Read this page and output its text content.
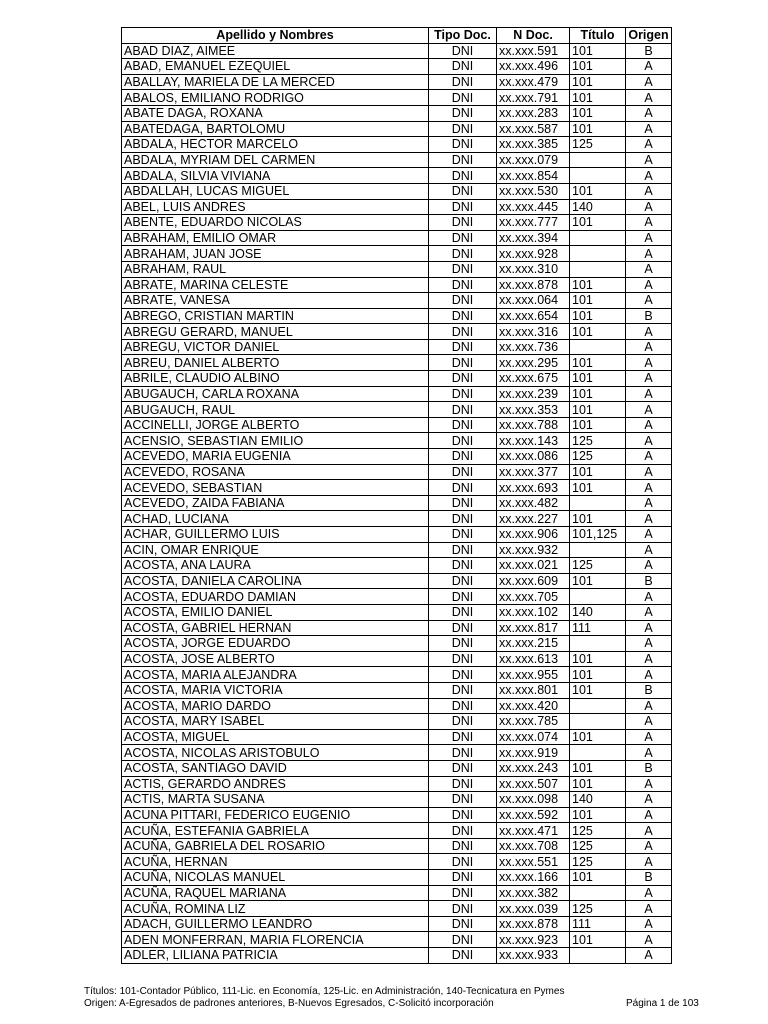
Apellido y Nombres	Tipo Doc.	N Doc.	Título	Origen
ABAD DIAZ, AIMEE	DNI	xx.xxx.591	101	B
ABAD, EMANUEL EZEQUIEL	DNI	xx.xxx.496	101	A
ABALLAY, MARIELA DE LA MERCED	DNI	xx.xxx.479	101	A
ABALOS, EMILIANO RODRIGO	DNI	xx.xxx.791	101	A
ABATE DAGA, ROXANA	DNI	xx.xxx.283	101	A
ABATEDAGA, BARTOLOMU	DNI	xx.xxx.587	101	A
ABDALA, HECTOR MARCELO	DNI	xx.xxx.385	125	A
ABDALA, MYRIAM DEL CARMEN	DNI	xx.xxx.079		A
ABDALA, SILVIA VIVIANA	DNI	xx.xxx.854		A
ABDALLAH, LUCAS MIGUEL	DNI	xx.xxx.530	101	A
ABEL, LUIS ANDRES	DNI	xx.xxx.445	140	A
ABENTE, EDUARDO NICOLAS	DNI	xx.xxx.777	101	A
ABRAHAM, EMILIO OMAR	DNI	xx.xxx.394		A
ABRAHAM, JUAN JOSE	DNI	xx.xxx.928		A
ABRAHAM, RAUL	DNI	xx.xxx.310		A
ABRATE, MARINA CELESTE	DNI	xx.xxx.878	101	A
ABRATE, VANESA	DNI	xx.xxx.064	101	A
ABREGO, CRISTIAN MARTIN	DNI	xx.xxx.654	101	B
ABREGU GERARD, MANUEL	DNI	xx.xxx.316	101	A
ABREGU, VICTOR DANIEL	DNI	xx.xxx.736		A
ABREU, DANIEL ALBERTO	DNI	xx.xxx.295	101	A
ABRILE, CLAUDIO ALBINO	DNI	xx.xxx.675	101	A
ABUGAUCH, CARLA ROXANA	DNI	xx.xxx.239	101	A
ABUGAUCH, RAUL	DNI	xx.xxx.353	101	A
ACCINELLI, JORGE ALBERTO	DNI	xx.xxx.788	101	A
ACENSIO, SEBASTIAN EMILIO	DNI	xx.xxx.143	125	A
ACEVEDO, MARIA EUGENIA	DNI	xx.xxx.086	125	A
ACEVEDO, ROSANA	DNI	xx.xxx.377	101	A
ACEVEDO, SEBASTIAN	DNI	xx.xxx.693	101	A
ACEVEDO, ZAIDA FABIANA	DNI	xx.xxx.482		A
ACHAD, LUCIANA	DNI	xx.xxx.227	101	A
ACHAR, GUILLERMO LUIS	DNI	xx.xxx.906	101,125	A
ACIN, OMAR ENRIQUE	DNI	xx.xxx.932		A
ACOSTA, ANA LAURA	DNI	xx.xxx.021	125	A
ACOSTA, DANIELA CAROLINA	DNI	xx.xxx.609	101	B
ACOSTA, EDUARDO DAMIAN	DNI	xx.xxx.705		A
ACOSTA, EMILIO DANIEL	DNI	xx.xxx.102	140	A
ACOSTA, GABRIEL HERNAN	DNI	xx.xxx.817	111	A
ACOSTA, JORGE EDUARDO	DNI	xx.xxx.215		A
ACOSTA, JOSE ALBERTO	DNI	xx.xxx.613	101	A
ACOSTA, MARIA ALEJANDRA	DNI	xx.xxx.955	101	A
ACOSTA, MARIA VICTORIA	DNI	xx.xxx.801	101	B
ACOSTA, MARIO DARDO	DNI	xx.xxx.420		A
ACOSTA, MARY ISABEL	DNI	xx.xxx.785		A
ACOSTA, MIGUEL	DNI	xx.xxx.074	101	A
ACOSTA, NICOLAS ARISTOBULO	DNI	xx.xxx.919		A
ACOSTA, SANTIAGO DAVID	DNI	xx.xxx.243	101	B
ACTIS, GERARDO ANDRES	DNI	xx.xxx.507	101	A
ACTIS, MARTA SUSANA	DNI	xx.xxx.098	140	A
ACUNA PITTARI, FEDERICO EUGENIO	DNI	xx.xxx.592	101	A
ACUÑA, ESTEFANIA GABRIELA	DNI	xx.xxx.471	125	A
ACUÑA, GABRIELA DEL ROSARIO	DNI	xx.xxx.708	125	A
ACUÑA, HERNAN	DNI	xx.xxx.551	125	A
ACUÑA, NICOLAS MANUEL	DNI	xx.xxx.166	101	B
ACUÑA, RAQUEL MARIANA	DNI	xx.xxx.382		A
ACUÑA, ROMINA LIZ	DNI	xx.xxx.039	125	A
ADACH, GUILLERMO LEANDRO	DNI	xx.xxx.878	111	A
ADEN MONFERRAN, MARIA FLORENCIA	DNI	xx.xxx.923	101	A
ADLER, LILIANA PATRICIA	DNI	xx.xxx.933		A
Títulos: 101-Contador Público, 111-Lic. en Economía, 125-Lic. en Administración, 140-Tecnicatura en Pymes
Origen: A-Egresados de padrones anteriores, B-Nuevos Egresados, C-Solicitó incorporación	Página 1 de 103
